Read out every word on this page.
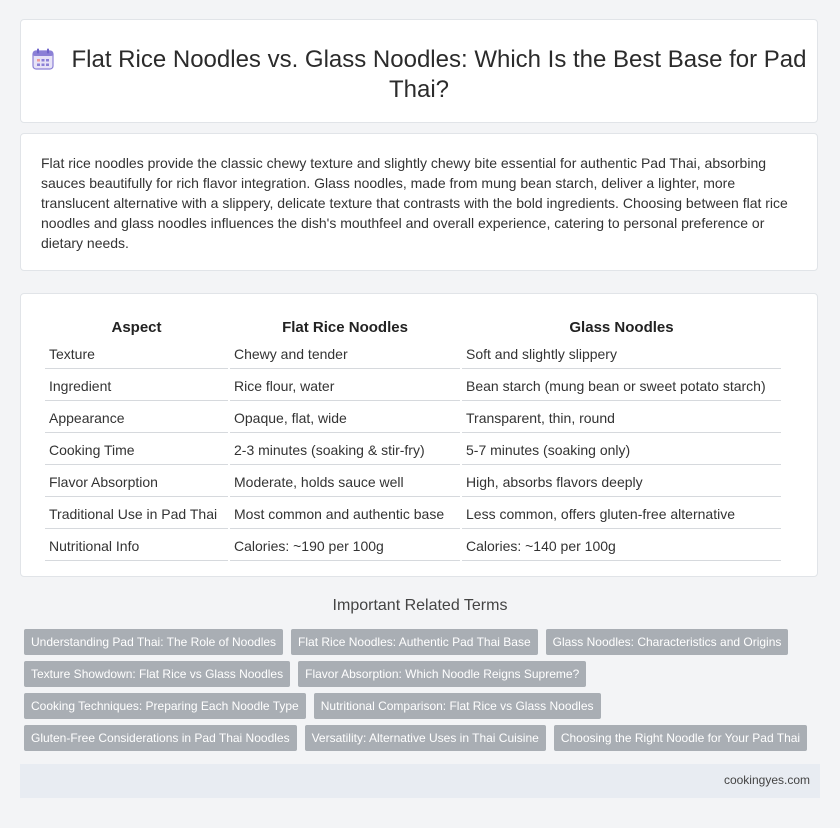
Flat Rice Noodles vs. Glass Noodles: Which Is the Best Base for Pad Thai?
Flat rice noodles provide the classic chewy texture and slightly chewy bite essential for authentic Pad Thai, absorbing sauces beautifully for rich flavor integration. Glass noodles, made from mung bean starch, deliver a lighter, more translucent alternative with a slippery, delicate texture that contrasts with the bold ingredients. Choosing between flat rice noodles and glass noodles influences the dish's mouthfeel and overall experience, catering to personal preference or dietary needs.
Aspect	Flat Rice Noodles	Glass Noodles
Texture	Chewy and tender	Soft and slightly slippery
Ingredient	Rice flour, water	Bean starch (mung bean or sweet potato starch)
Appearance	Opaque, flat, wide	Transparent, thin, round
Cooking Time	2-3 minutes (soaking & stir-fry)	5-7 minutes (soaking only)
Flavor Absorption	Moderate, holds sauce well	High, absorbs flavors deeply
Traditional Use in Pad Thai	Most common and authentic base	Less common, offers gluten-free alternative
Nutritional Info	Calories: ~190 per 100g	Calories: ~140 per 100g
Important Related Terms
Understanding Pad Thai: The Role of Noodles	Flat Rice Noodles: Authentic Pad Thai Base	Glass Noodles: Characteristics and Origins
Texture Showdown: Flat Rice vs Glass Noodles	Flavor Absorption: Which Noodle Reigns Supreme?
Cooking Techniques: Preparing Each Noodle Type	Nutritional Comparison: Flat Rice vs Glass Noodles
Gluten-Free Considerations in Pad Thai Noodles	Versatility: Alternative Uses in Thai Cuisine	Choosing the Right Noodle for Your Pad Thai
cookingyes.com
